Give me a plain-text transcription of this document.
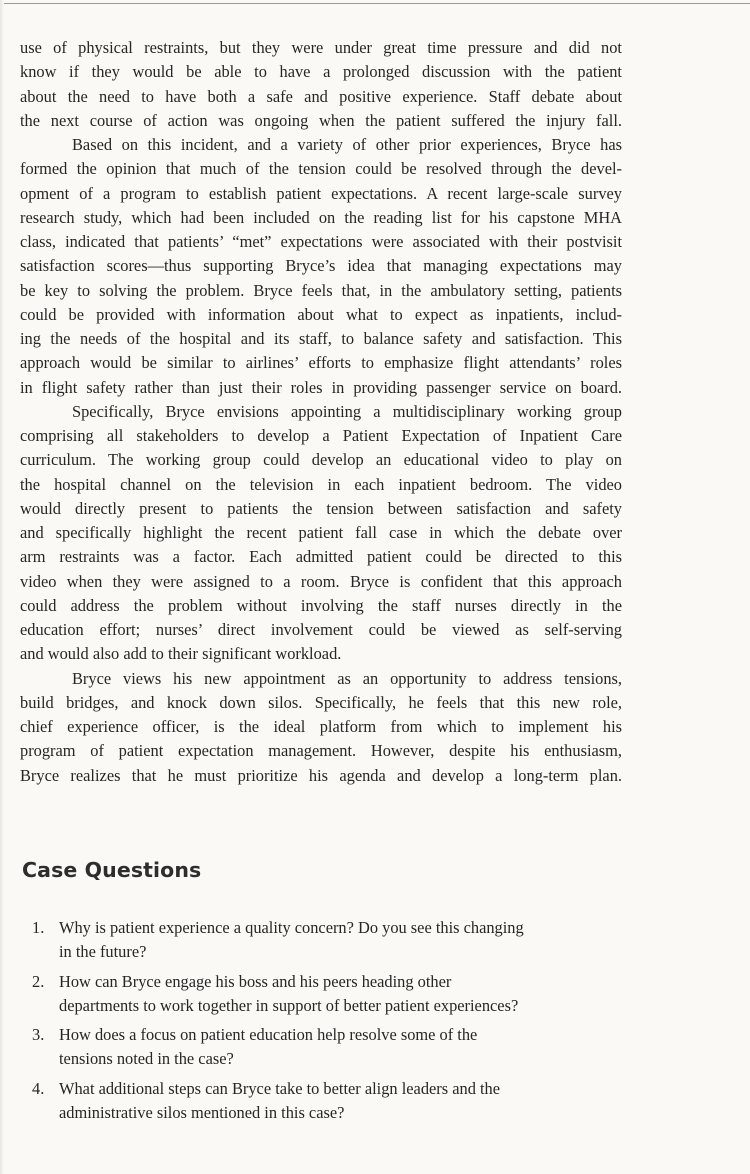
use of physical restraints, but they were under great time pressure and did not
know if they would be able to have a prolonged discussion with the patient
about the need to have both a safe and positive experience. Staff debate about
the next course of action was ongoing when the patient suffered the injury fall.

Based on this incident, and a variety of other prior experiences, Bryce has
formed the opinion that much of the tension could be resolved through the devel-
opment of a program to establish patient expectations. A recent large-scale survey
research study, which had been included on the reading list for his capstone MHA
class, indicated that patients’ “met” expectations were associated with their postvisit
satisfaction scores—thus supporting Bryce’s idea that managing expectations may
be key to solving the problem. Bryce feels that, in the ambulatory setting, patients
could be provided with information about what to expect as inpatients, includ-
ing the needs of the hospital and its staff, to balance safety and satisfaction. This
approach would be similar to airlines’ efforts to emphasize flight attendants’ roles
in flight safety rather than just their roles in providing passenger service on board.

Specifically, Bryce envisions appointing a multidisciplinary working group
comprising all stakeholders to develop a Patient Expectation of Inpatient Care
curriculum. The working group could develop an educational video to play on
the hospital channel on the television in each inpatient bedroom. The video
would directly present to patients the tension between satisfaction and safety
and specifically highlight the recent patient fall case in which the debate over
arm restraints was a factor. Each admitted patient could be directed to this
video when they were assigned to a room. Bryce is confident that this approach
could address the problem without involving the staff nurses directly in the
education effort; nurses’ direct involvement could be viewed as self-serving
and would also add to their significant workload.

Bryce views his new appointment as an opportunity to address tensions,
build bridges, and knock down silos. Specifically, he feels that this new role,
chief experience officer, is the ideal platform from which to implement his
program of patient expectation management. However, despite his enthusiasm,
Bryce realizes that he must prioritize his agenda and develop a long-term plan.

Case Questions
1. Why is patient experience a quality concern? Do you see this changing
in the future?
2. How can Bryce engage his boss and his peers heading other
departments to work together in support of better patient experiences?
3. How does a focus on patient education help resolve some of the
tensions noted in the case?
4. What additional steps can Bryce take to better align leaders and the
administrative silos mentioned in this case?
